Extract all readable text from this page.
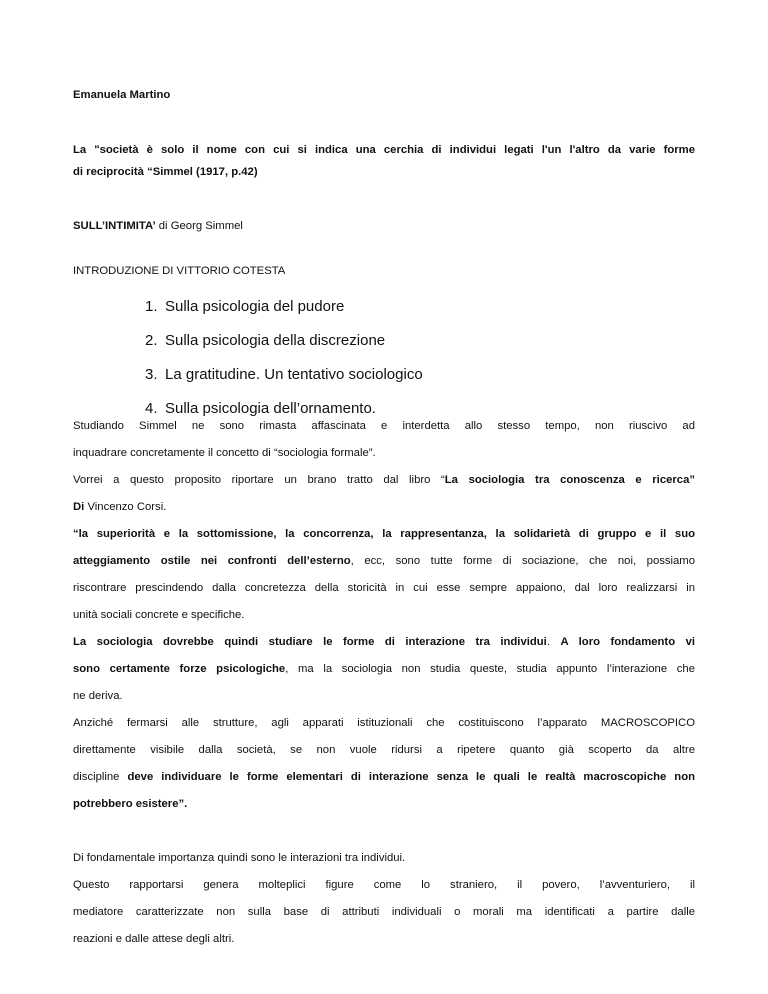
Emanuela Martino

La "società è solo il nome con cui si indica una cerchia di individui legati l'un l'altro da varie forme

di reciprocità “Simmel (1917, p.42)

SULL’INTIMITA’ di Georg Simmel

INTRODUZIONE DI VITTORIO COTESTA

1. Sulla psicologia del pudore
2. Sulla psicologia della discrezione
3. La gratitudine. Un tentativo sociologico
4. Sulla psicologia dell’ornamento.

Studiando Simmel ne sono rimasta affascinata e interdetta allo stesso tempo, non riuscivo ad

inquadrare concretamente il concetto di “sociologia formale”.

Vorrei a questo proposito riportare un brano tratto dal libro “La sociologia tra conoscenza e ricerca”

Di Vincenzo Corsi.

“la superiorità e la sottomissione, la concorrenza, la rappresentanza, la solidarietà di gruppo e il suo

atteggiamento ostile nei confronti dell’esterno, ecc, sono tutte forme di sociazione, che noi, possiamo

riscontrare prescindendo dalla concretezza della storicità in cui esse sempre appaiono, dal loro realizzarsi in

unità sociali concrete e specifiche.

La sociologia dovrebbe quindi studiare le forme di interazione tra individui. A loro fondamento vi

sono certamente forze psicologiche, ma la sociologia non studia queste, studia appunto l’interazione che

ne deriva.

Anziché fermarsi alle strutture, agli apparati istituzionali che costituiscono l’apparato MACROSCOPICO

direttamente visibile dalla società, se non vuole ridursi a ripetere quanto già scoperto da altre

discipline deve individuare le forme elementari di interazione senza le quali le realtà macroscopiche non

potrebbero esistere”.

Di fondamentale importanza quindi sono le interazioni tra individui.

Questo rapportarsi genera molteplici figure come lo straniero, il povero, l’avventuriero, il

mediatore caratterizzate non sulla base di attributi individuali o morali ma identificati a partire dalle

reazioni e dalle attese degli altri.
